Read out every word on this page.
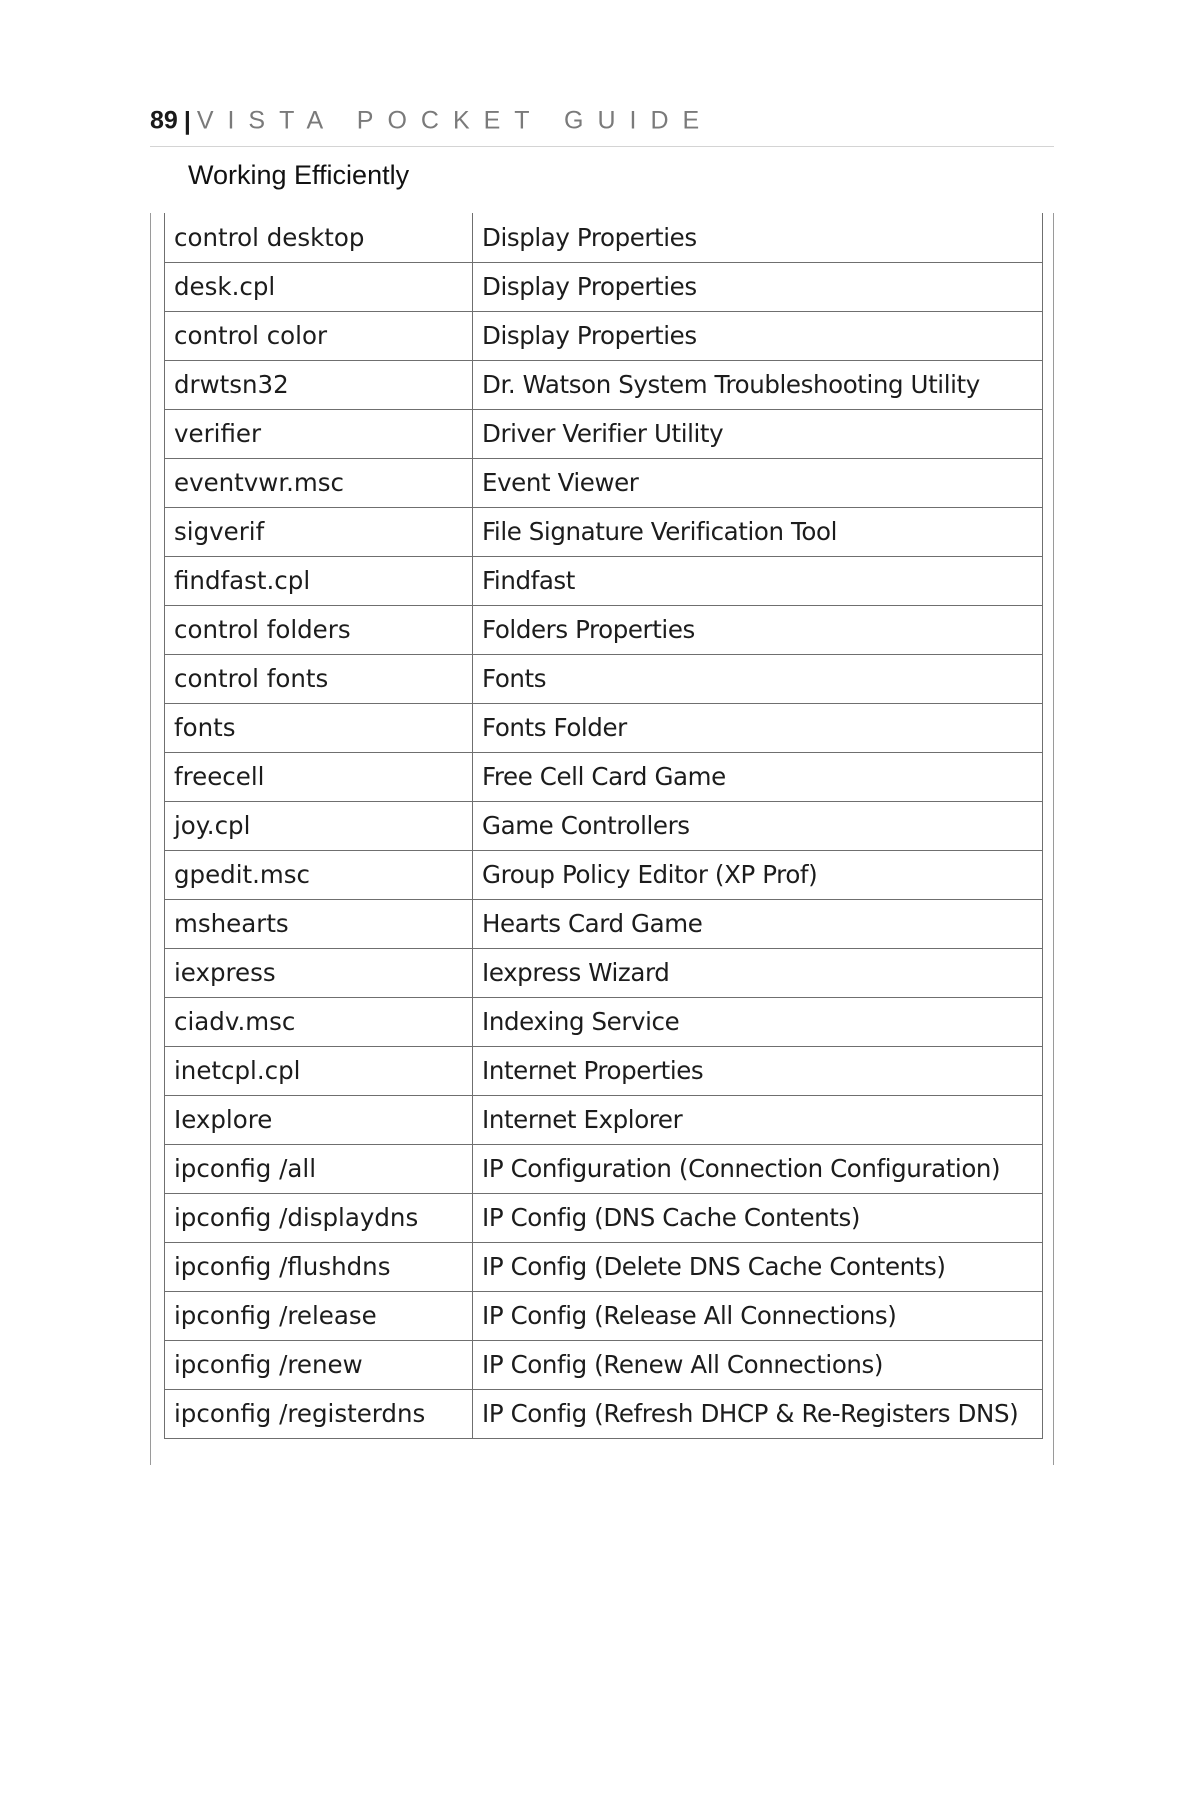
89 | VISTA POCKET GUIDE
Working Efficiently
control desktop	Display Properties
desk.cpl	Display Properties
control color	Display Properties
drwtsn32	Dr. Watson System Troubleshooting Utility
verifier	Driver Verifier Utility
eventvwr.msc	Event Viewer
sigverif	File Signature Verification Tool
findfast.cpl	Findfast
control folders	Folders Properties
control fonts	Fonts
fonts	Fonts Folder
freecell	Free Cell Card Game
joy.cpl	Game Controllers
gpedit.msc	Group Policy Editor (XP Prof)
mshearts	Hearts Card Game
iexpress	Iexpress Wizard
ciadv.msc	Indexing Service
inetcpl.cpl	Internet Properties
Iexplore	Internet Explorer
ipconfig /all	IP Configuration (Connection Configuration)
ipconfig /displaydns	IP Config (DNS Cache Contents)
ipconfig /flushdns	IP Config (Delete DNS Cache Contents)
ipconfig /release	IP Config (Release All Connections)
ipconfig /renew	IP Config (Renew All Connections)
ipconfig /registerdns	IP Config (Refresh DHCP & Re-Registers DNS)
